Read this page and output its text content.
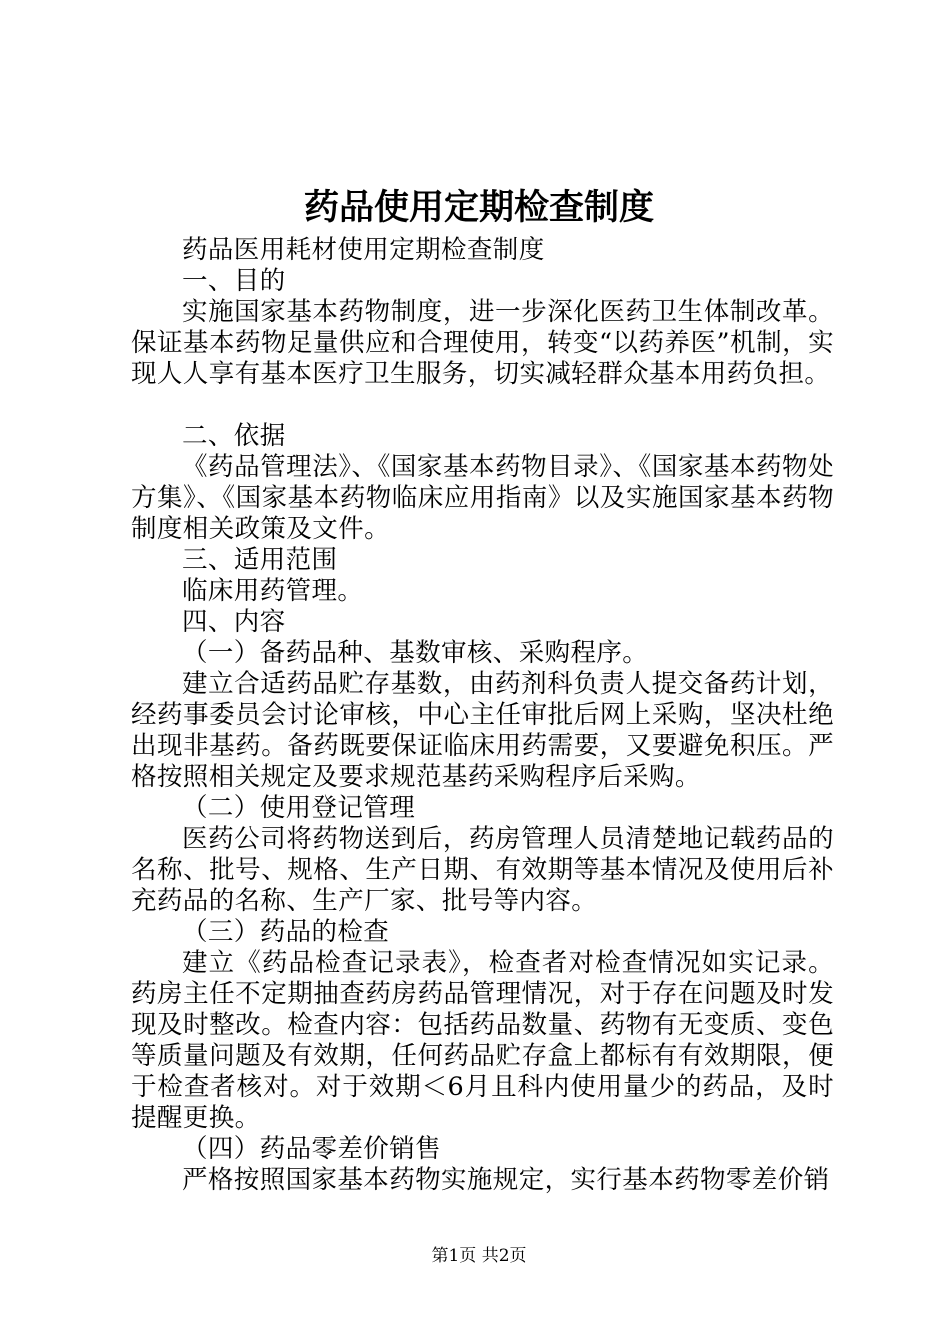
药品使用定期检查制度

药品医用耗材使用定期检查制度

一、目的

实施国家基本药物制度，进一步深化医药卫生体制改革。保证基本药物足量供应和合理使用，转变“以药养医”机制，实现人人享有基本医疗卫生服务，切实减轻群众基本用药负担。

二、依据

《药品管理法》、《国家基本药物目录》、《国家基本药物处方集》、《国家基本药物临床应用指南》以及实施国家基本药物制度相关政策及文件。

三、适用范围

临床用药管理。

四、内容

（一）备药品种、基数审核、采购程序。

建立合适药品贮存基数，由药剂科负责人提交备药计划，经药事委员会讨论审核，中心主任审批后网上采购，坚决杜绝出现非基药。备药既要保证临床用药需要，又要避免积压。严格按照相关规定及要求规范基药采购程序后采购。

（二）使用登记管理

医药公司将药物送到后，药房管理人员清楚地记载药品的名称、批号、规格、生产日期、有效期等基本情况及使用后补充药品的名称、生产厂家、批号等内容。

（三）药品的检查

建立《药品检查记录表》，检查者对检查情况如实记录。药房主任不定期抽查药房药品管理情况，对于存在问题及时发现及时整改。检查内容：包括药品数量、药物有无变质、变色等质量问题及有效期，任何药品贮存盒上都标有有效期限，便于检查者核对。对于效期＜6月且科内使用量少的药品，及时提醒更换。

（四）药品零差价销售

严格按照国家基本药物实施规定，实行基本药物零差价销

第1页 共2页
